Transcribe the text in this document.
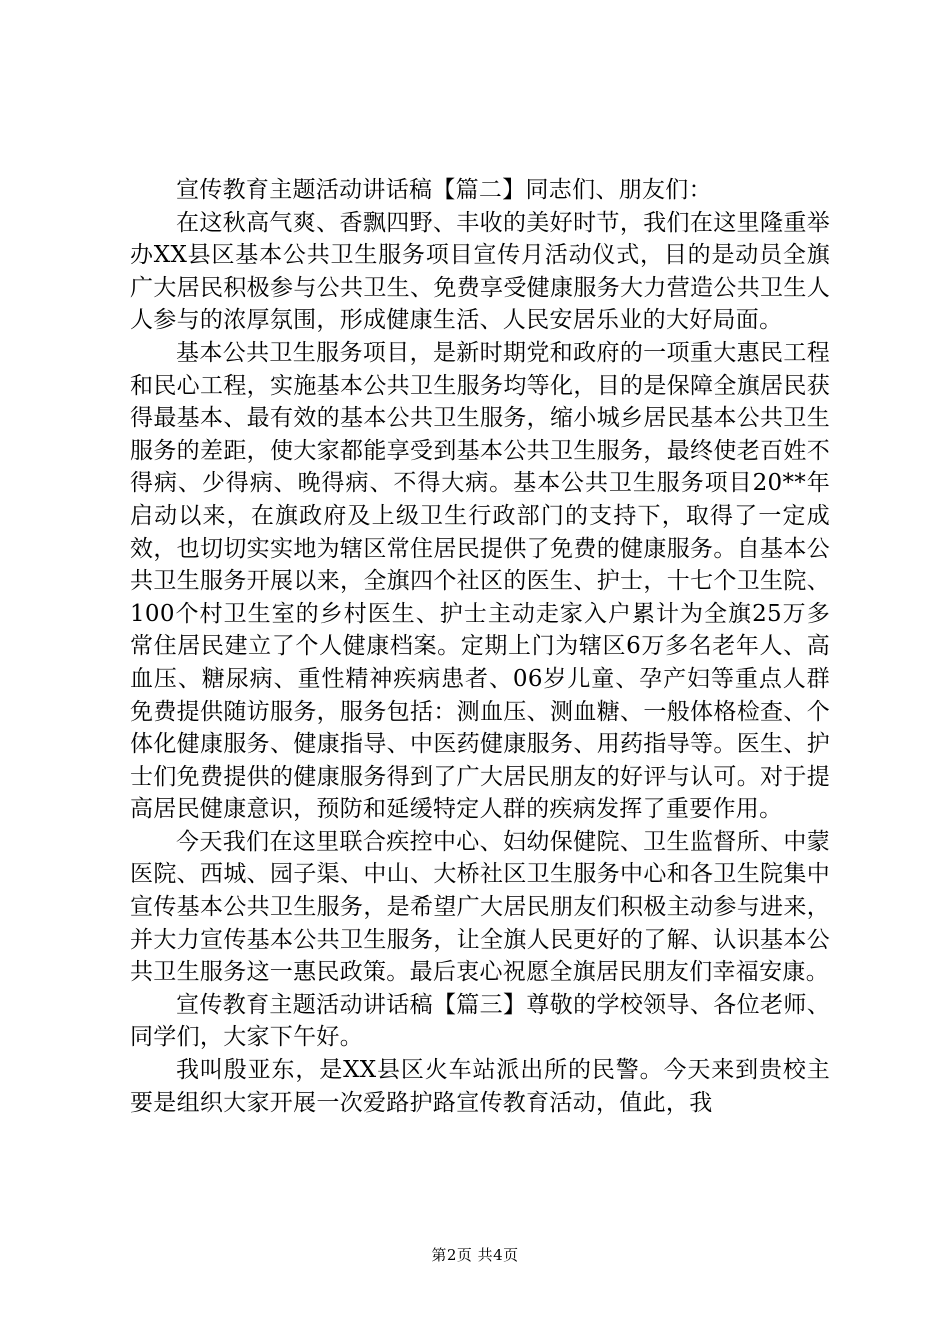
宣传教育主题活动讲话稿【篇二】同志们、朋友们：

在这秋高气爽、香飘四野、丰收的美好时节，我们在这里隆重举办XX县区基本公共卫生服务项目宣传月活动仪式，目的是动员全旗广大居民积极参与公共卫生、免费享受健康服务大力营造公共卫生人人参与的浓厚氛围，形成健康生活、人民安居乐业的大好局面。

基本公共卫生服务项目，是新时期党和政府的一项重大惠民工程和民心工程，实施基本公共卫生服务均等化，目的是保障全旗居民获得最基本、最有效的基本公共卫生服务，缩小城乡居民基本公共卫生服务的差距，使大家都能享受到基本公共卫生服务，最终使老百姓不得病、少得病、晚得病、不得大病。基本公共卫生服务项目20**年启动以来，在旗政府及上级卫生行政部门的支持下，取得了一定成效，也切切实实地为辖区常住居民提供了免费的健康服务。自基本公共卫生服务开展以来，全旗四个社区的医生、护士，十七个卫生院、100个村卫生室的乡村医生、护士主动走家入户累计为全旗25万多常住居民建立了个人健康档案。定期上门为辖区6万多名老年人、高血压、糖尿病、重性精神疾病患者、06岁儿童、孕产妇等重点人群免费提供随访服务，服务包括：测血压、测血糖、一般体格检查、个体化健康服务、健康指导、中医药健康服务、用药指导等。医生、护士们免费提供的健康服务得到了广大居民朋友的好评与认可。对于提高居民健康意识，预防和延缓特定人群的疾病发挥了重要作用。

今天我们在这里联合疾控中心、妇幼保健院、卫生监督所、中蒙医院、西城、园子渠、中山、大桥社区卫生服务中心和各卫生院集中宣传基本公共卫生服务，是希望广大居民朋友们积极主动参与进来，并大力宣传基本公共卫生服务，让全旗人民更好的了解、认识基本公共卫生服务这一惠民政策。最后衷心祝愿全旗居民朋友们幸福安康。

宣传教育主题活动讲话稿【篇三】尊敬的学校领导、各位老师、同学们，大家下午好。

我叫殷亚东，是XX县区火车站派出所的民警。今天来到贵校主要是组织大家开展一次爱路护路宣传教育活动，值此，我

第2页 共4页
